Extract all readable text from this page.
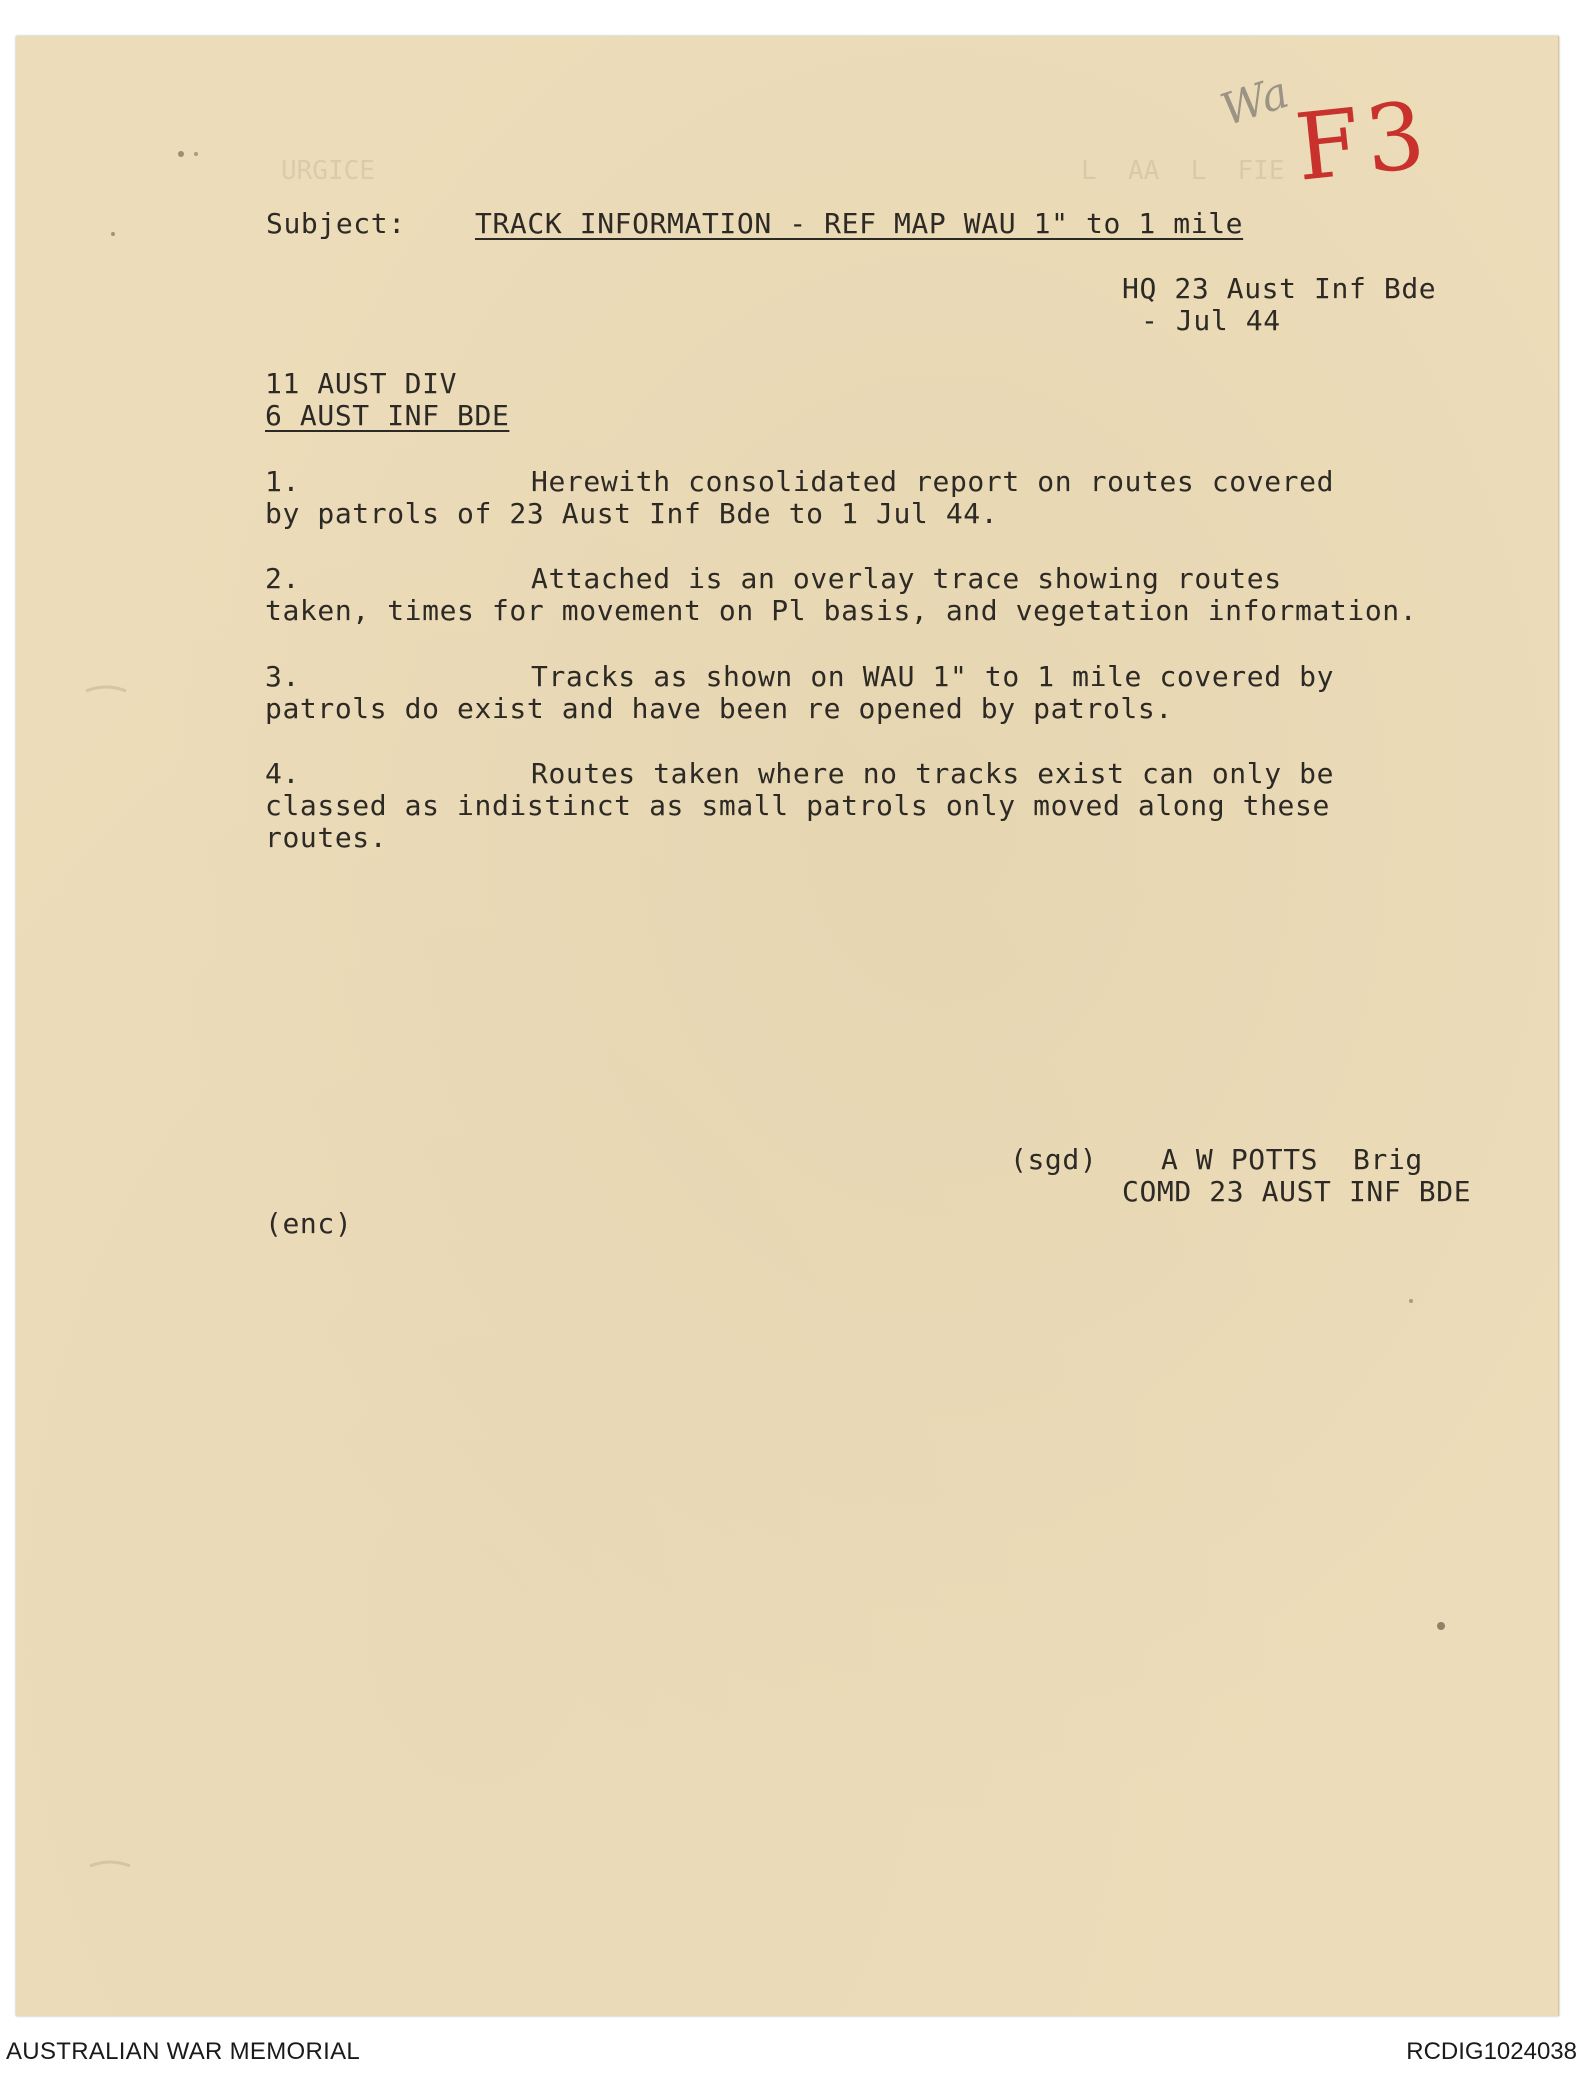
URGICE	L  AA  L  FIE
Wa
F3
Subject: TRACK INFORMATION - REF MAP WAU 1" to 1 mile
HQ 23 Aust Inf Bde
- Jul 44
11 AUST DIV
6 AUST INF BDE
1.	Herewith consolidated report on routes covered
by patrols of 23 Aust Inf Bde to 1 Jul 44.
2.	Attached is an overlay trace showing routes
taken, times for movement on Pl basis, and vegetation information.
3.	Tracks as shown on WAU 1" to 1 mile covered by
patrols do exist and have been re opened by patrols.
4.	Routes taken where no tracks exist can only be
classed as indistinct as small patrols only moved along these
routes.
(sgd) A W POTTS  Brig
COMD 23 AUST INF BDE
(enc)
AUSTRALIAN WAR MEMORIAL	RCDIG1024038
